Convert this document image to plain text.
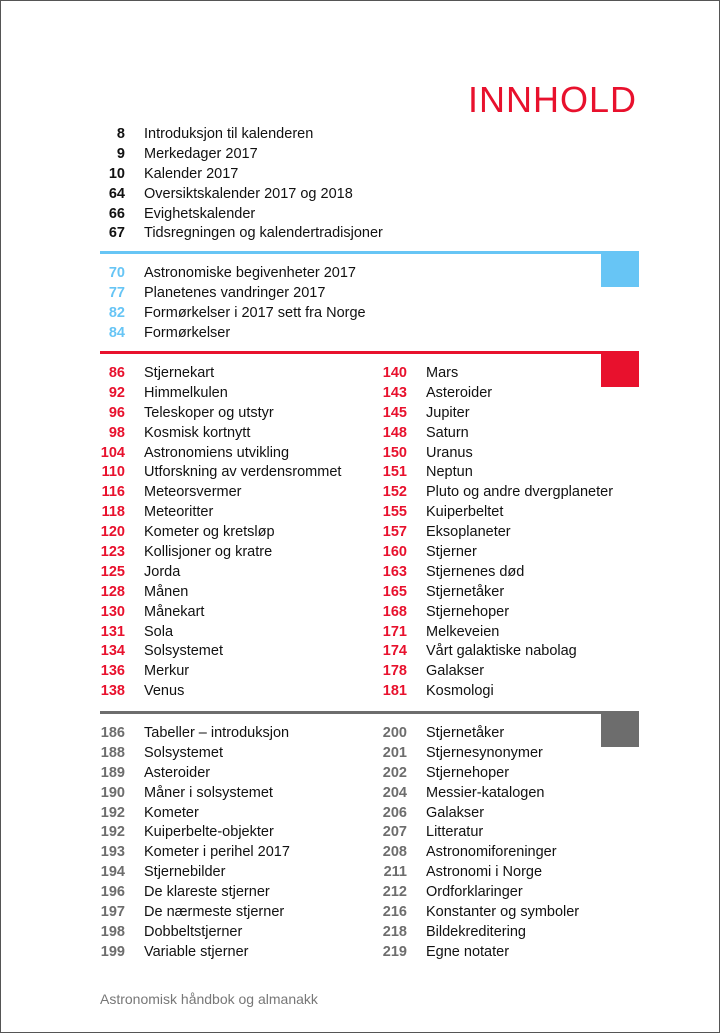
INNHOLD
8 Introduksjon til kalenderen
9 Merkedager 2017
10 Kalender 2017
64 Oversiktskalender 2017 og 2018
66 Evighetskalender
67 Tidsregningen og kalendertradisjoner
70 Astronomiske begivenheter 2017
77 Planetenes vandringer 2017
82 Formørkelser i 2017 sett fra Norge
84 Formørkelser
86 Stjernekart
92 Himmelkulen
96 Teleskoper og utstyr
98 Kosmisk kortnytt
104 Astronomiens utvikling
110 Utforskning av verdensrommet
116 Meteorsvermer
118 Meteoritter
120 Kometer og kretsløp
123 Kollisjoner og kratre
125 Jorda
128 Månen
130 Månekart
131 Sola
134 Solsystemet
136 Merkur
138 Venus
140 Mars
143 Asteroider
145 Jupiter
148 Saturn
150 Uranus
151 Neptun
152 Pluto og andre dvergplaneter
155 Kuiperbeltet
157 Eksoplaneter
160 Stjerner
163 Stjernenes død
165 Stjernetåker
168 Stjernehoper
171 Melkeveien
174 Vårt galaktiske nabolag
178 Galakser
181 Kosmologi
186 Tabeller – introduksjon
188 Solsystemet
189 Asteroider
190 Måner i solsystemet
192 Kometer
192 Kuiperbelte-objekter
193 Kometer i perihel 2017
194 Stjernebilder
196 De klareste stjerner
197 De nærmeste stjerner
198 Dobbeltstjerner
199 Variable stjerner
200 Stjernetåker
201 Stjernesynonymer
202 Stjernehoper
204 Messier-katalogen
206 Galakser
207 Litteratur
208 Astronomiforeninger
211 Astronomi i Norge
212 Ordforklaringer
216 Konstanter og symboler
218 Bildekreditering
219 Egne notater
Astronomisk håndbok og almanakk
